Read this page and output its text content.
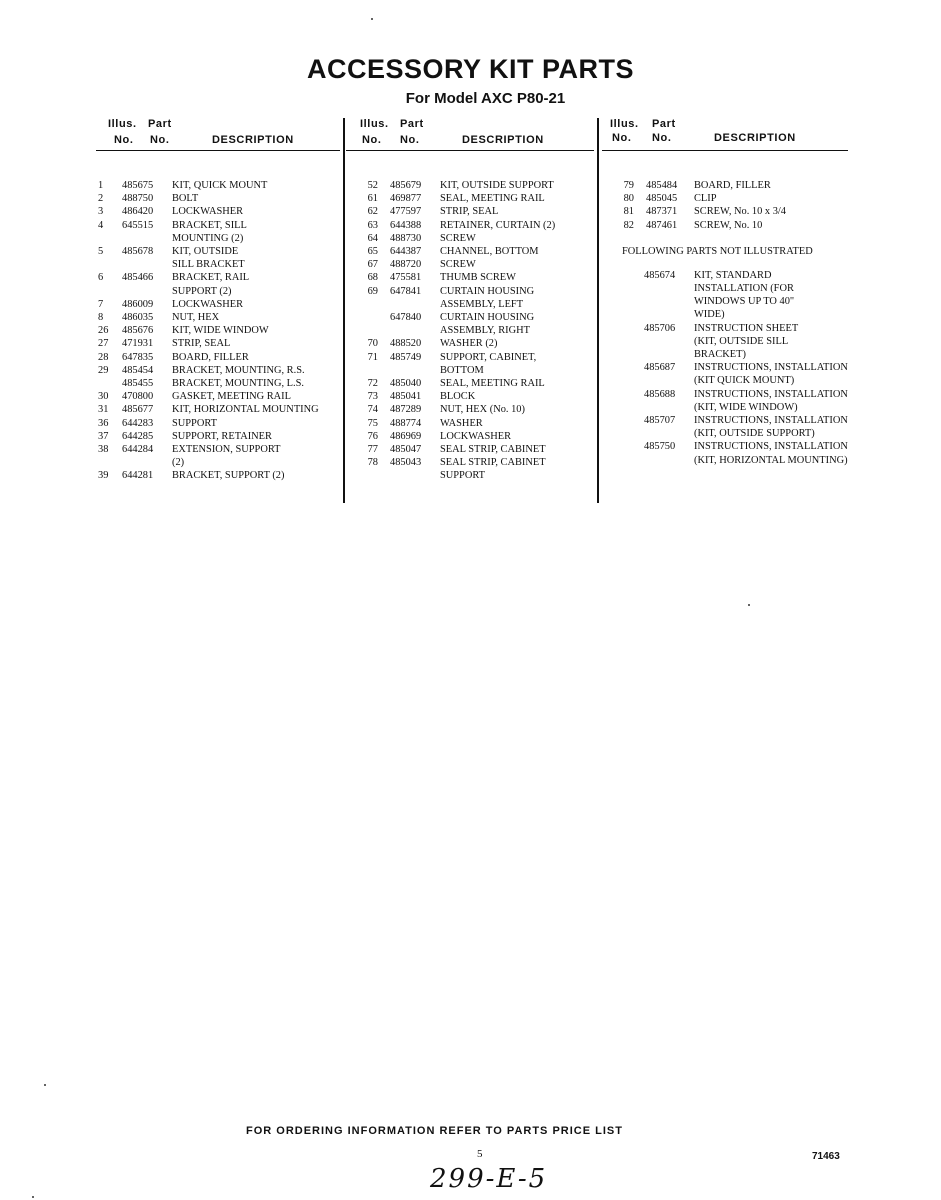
ACCESSORY KIT PARTS
For Model AXC P80-21
Illus. Part
No. No.	DESCRIPTION
1	485675 KIT, QUICK MOUNT
2	488750 BOLT
3	486420 LOCKWASHER
4	645515 BRACKET, SILL
MOUNTING (2)
5	485678 KIT, OUTSIDE
SILL BRACKET
6	485466 BRACKET, RAIL
SUPPORT (2)
7	486009 LOCKWASHER
8	486035 NUT, HEX
26	485676 KIT, WIDE WINDOW
27	471931 STRIP, SEAL
28	647835 BOARD, FILLER
29	485454 BRACKET, MOUNTING, R.S.
485455 BRACKET, MOUNTING, L.S.
30	470800 GASKET, MEETING RAIL
31	485677 KIT, HORIZONTAL MOUNTING
36	644283 SUPPORT
37	644285 SUPPORT, RETAINER
38	644284 EXTENSION, SUPPORT
(2)
39	644281 BRACKET, SUPPORT (2)
Illus. Part
No. No.	DESCRIPTION
52 485679 KIT, OUTSIDE SUPPORT
61 469877 SEAL, MEETING RAIL
62 477597 STRIP, SEAL
63 644388 RETAINER, CURTAIN (2)
64 488730 SCREW
65 644387 CHANNEL, BOTTOM
67 488720 SCREW
68 475581 THUMB SCREW
69 647841 CURTAIN HOUSING
ASSEMBLY, LEFT
647840 CURTAIN HOUSING
ASSEMBLY, RIGHT
70 488520 WASHER (2)
71 485749 SUPPORT, CABINET,
BOTTOM
72 485040 SEAL, MEETING RAIL
73 485041 BLOCK
74 487289 NUT, HEX (No. 10)
75 488774 WASHER
76 486969 LOCKWASHER
77 485047 SEAL STRIP, CABINET
78 485043 SEAL STRIP, CABINET
SUPPORT
Illus. Part
No. No.	DESCRIPTION
79 485484 BOARD, FILLER
80 485045 CLIP
81 487371 SCREW, No. 10 x 3/4
82 487461 SCREW, No. 10
FOLLOWING PARTS NOT ILLUSTRATED
485674 KIT, STANDARD
INSTALLATION (FOR
WINDOWS UP TO 40"
WIDE)
485706 INSTRUCTION SHEET
(KIT, OUTSIDE SILL
BRACKET)
485687 INSTRUCTIONS, INSTALLATION
(KIT QUICK MOUNT)
485688 INSTRUCTIONS, INSTALLATION
(KIT, WIDE WINDOW)
485707 INSTRUCTIONS, INSTALLATION
(KIT, OUTSIDE SUPPORT)
485750 INSTRUCTIONS, INSTALLATION
(KIT, HORIZONTAL MOUNTING)
FOR ORDERING INFORMATION REFER TO PARTS PRICE LIST
5	71463
299-E-5
